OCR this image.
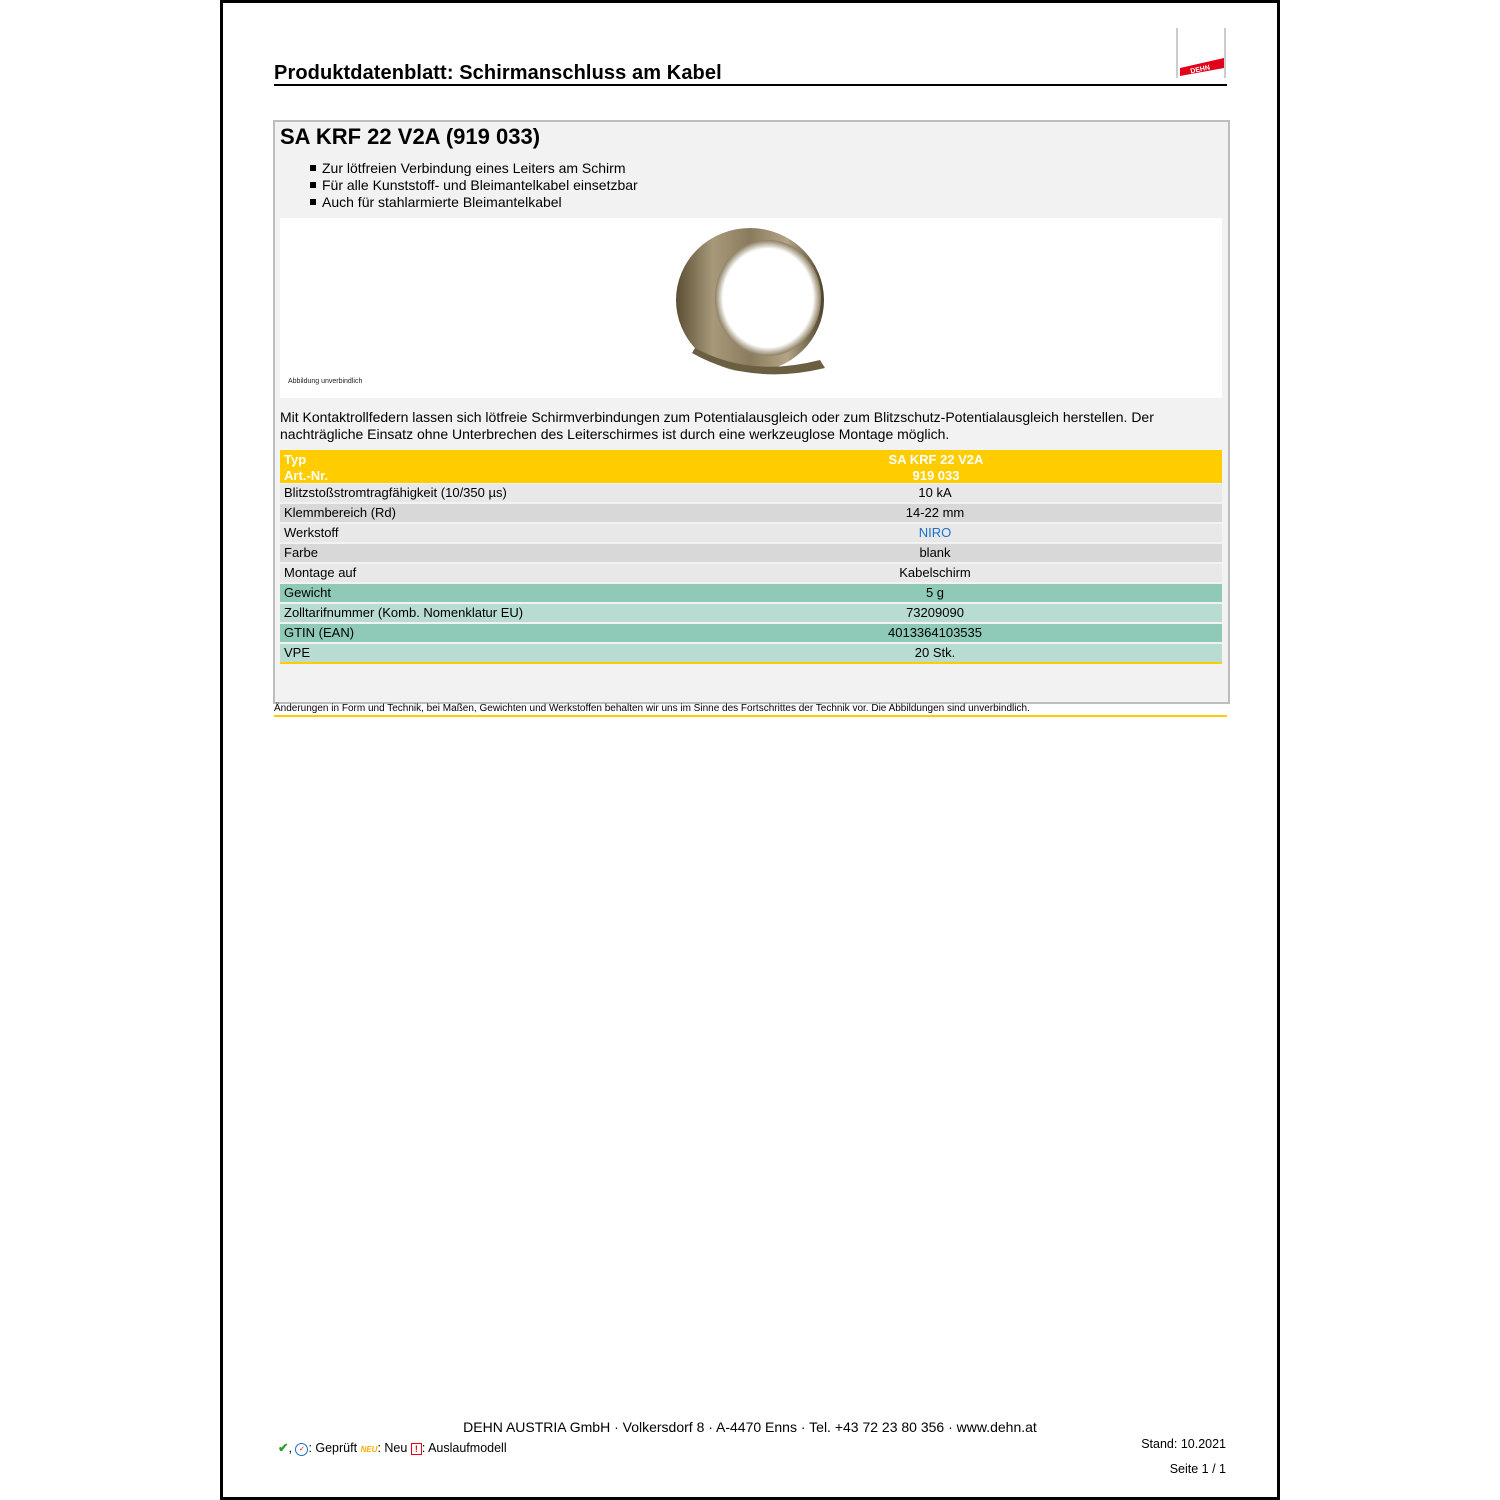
Produktdatenblatt: Schirmanschluss am Kabel	DEHN
SA KRF 22 V2A (919 033)
Zur lötfreien Verbindung eines Leiters am Schirm
Für alle Kunststoff- und Bleimantelkabel einsetzbar
Auch für stahlarmierte Bleimantelkabel
Abbildung unverbindlich
Mit Kontaktrollfedern lassen sich lötfreie Schirmverbindungen zum Potentialausgleich oder zum Blitzschutz-Potentialausgleich herstellen. Der nachträgliche Einsatz ohne Unterbrechen des Leiterschirmes ist durch eine werkzeuglose Montage möglich.
Typ	SA KRF 22 V2A
Art.-Nr.	919 033
Blitzstoßstromtragfähigkeit (10/350 µs)	10 kA
Klemmbereich (Rd)	14-22 mm
Werkstoff	NIRO
Farbe	blank
Montage auf	Kabelschirm
Gewicht	5 g
Zolltarifnummer (Komb. Nomenklatur EU)	73209090
GTIN (EAN)	4013364103535
VPE	20 Stk.
Änderungen in Form und Technik, bei Maßen, Gewichten und Werkstoffen behalten wir uns im Sinne des Fortschrittes der Technik vor. Die Abbildungen sind unverbindlich.
DEHN AUSTRIA GmbH · Volkersdorf 8 · A-4470 Enns · Tel. +43 72 23 80 356 · www.dehn.at
✔, ✓ : Geprüft NEU: Neu ! : Auslaufmodell	Stand: 10.2021
Seite 1 / 1
